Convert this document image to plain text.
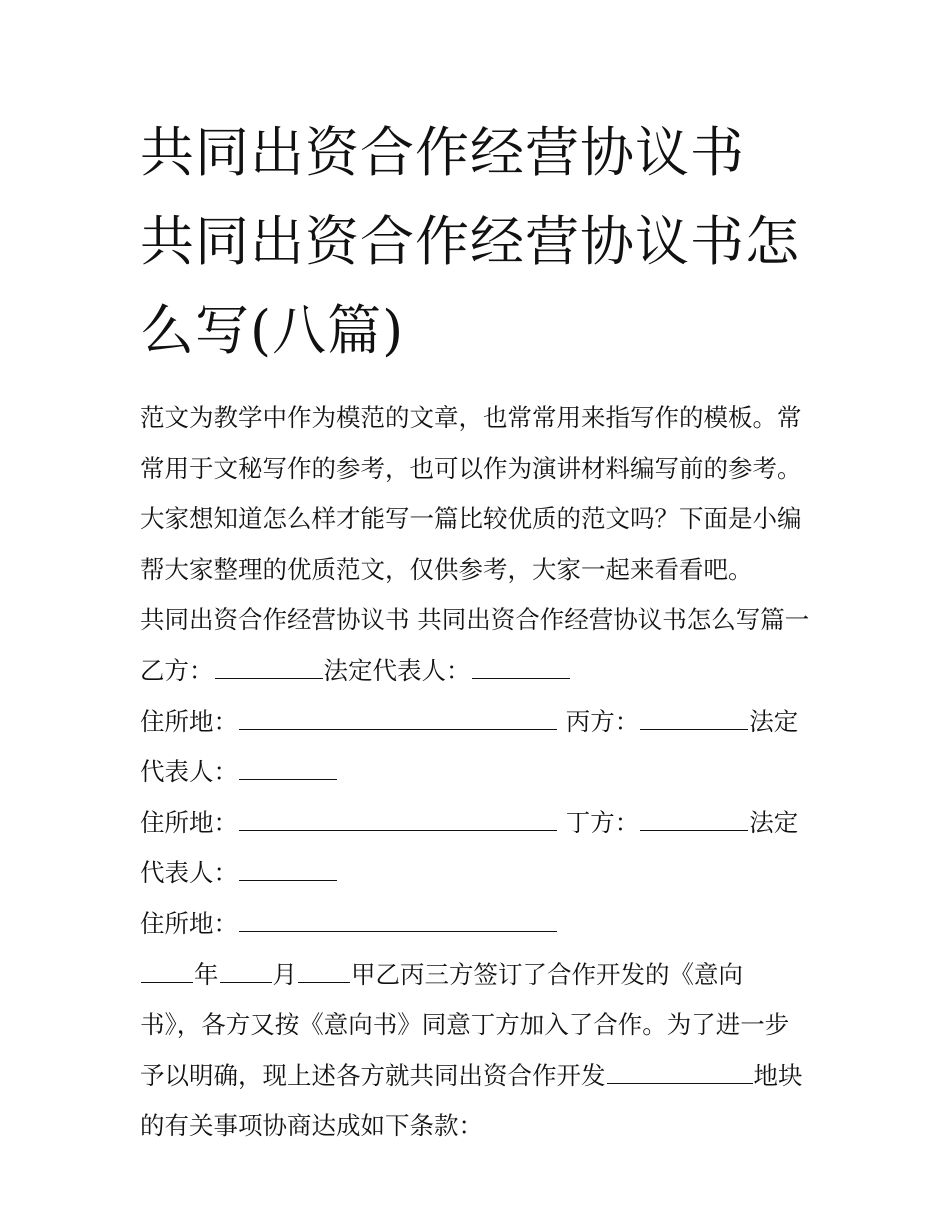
共同出资合作经营协议书 共同出资合作经营协议书怎么写(八篇)

范文为教学中作为模范的文章，也常常用来指写作的模板。常常用于文秘写作的参考，也可以作为演讲材料编写前的参考。大家想知道怎么样才能写一篇比较优质的范文吗？下面是小编帮大家整理的优质范文，仅供参考，大家一起来看看吧。

共同出资合作经营协议书 共同出资合作经营协议书怎么写篇一 乙方：	法定代表人：

住所地：	丙方：	法定
代表人：
住所地：	丁方：	法定
代表人：
住所地：
年 月 甲乙丙三方签订了合作开发的《意向
书》，各方又按《意向书》同意丁方加入了合作。为了进一步
予以明确，现上述各方就共同出资合作开发	地块
的有关事项协商达成如下条款：
